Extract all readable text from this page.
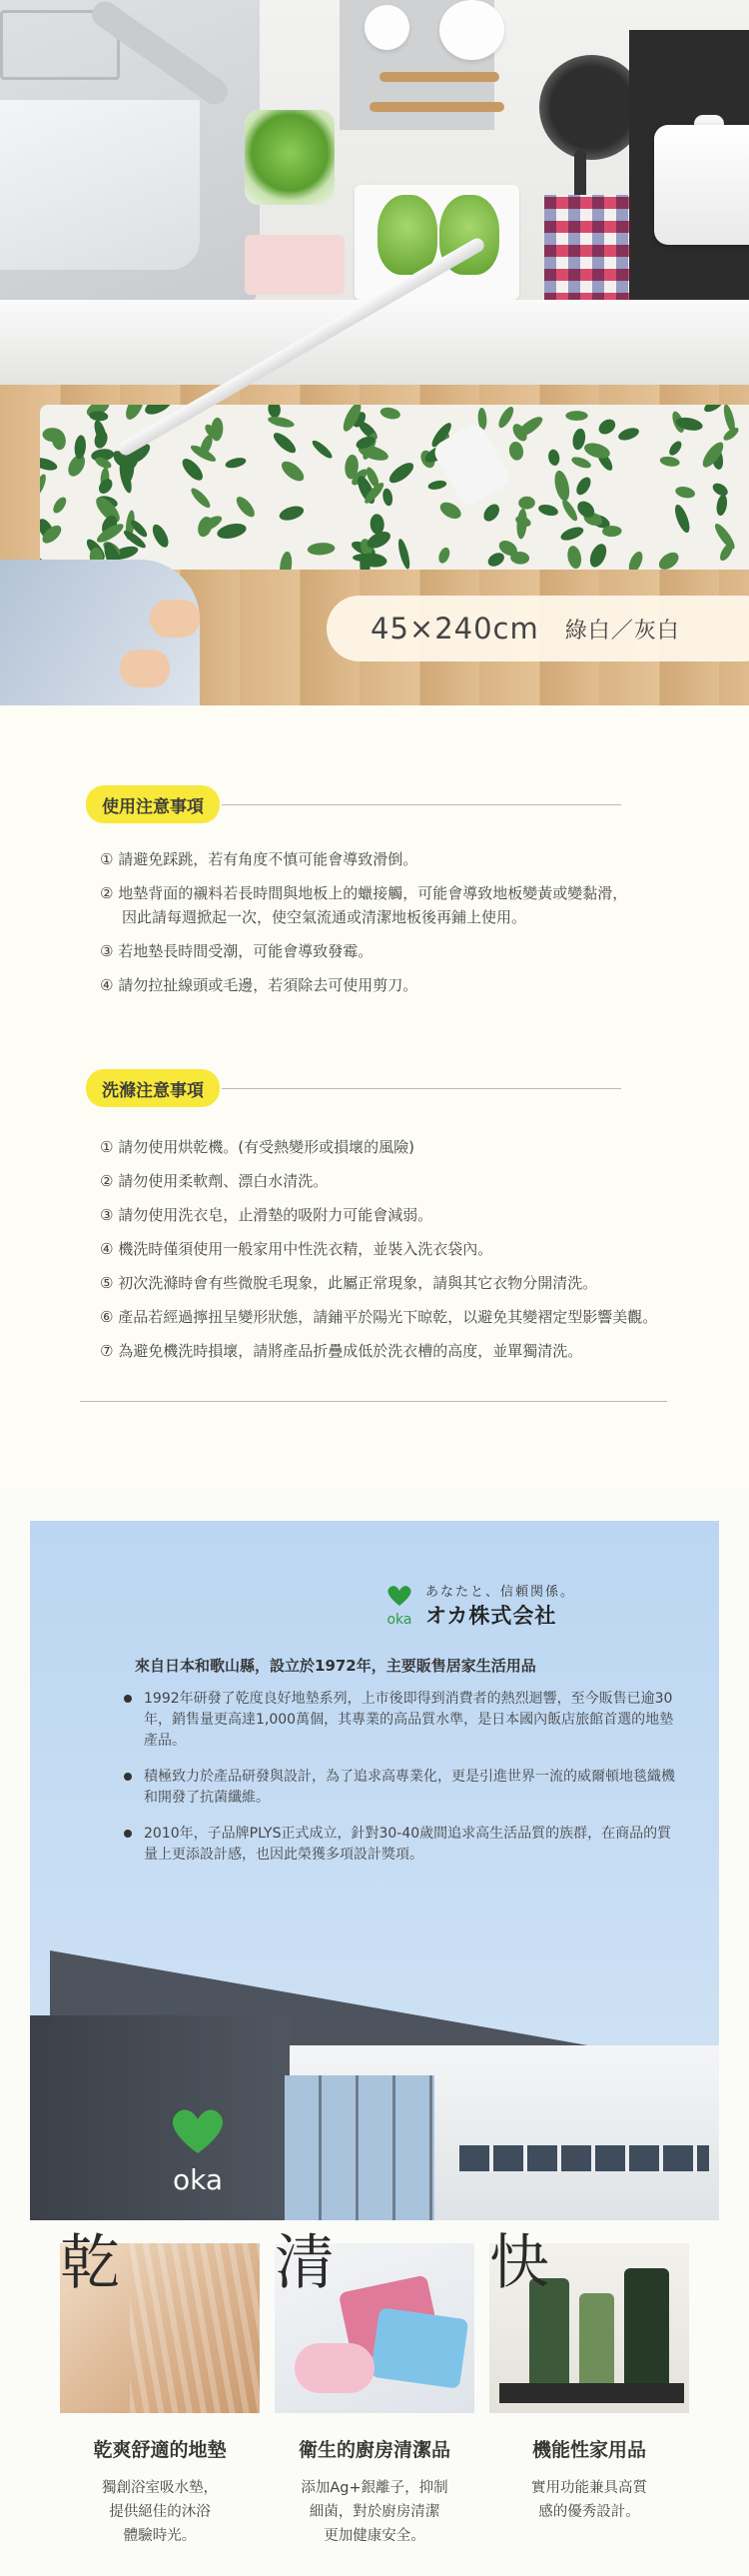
45×240cm 綠白／灰白
使用注意事項
① 請避免踩跳，若有角度不慎可能會導致滑倒。
② 地墊背面的襯料若長時間與地板上的蠟接觸，可能會導致地板變黃或變黏滑，
因此請每週掀起一次，使空氣流通或清潔地板後再鋪上使用。
③ 若地墊長時間受潮，可能會導致發霉。
④ 請勿拉扯線頭或毛邊，若須除去可使用剪刀。
洗滌注意事項
① 請勿使用烘乾機。(有受熱變形或損壞的風險)
② 請勿使用柔軟劑、漂白水清洗。
③ 請勿使用洗衣皂，止滑墊的吸附力可能會減弱。
④ 機洗時僅須使用一般家用中性洗衣精，並裝入洗衣袋內。
⑤ 初次洗滌時會有些微脫毛現象，此屬正常現象，請與其它衣物分開清洗。
⑥ 產品若經過擰扭呈變形狀態，請鋪平於陽光下晾乾，以避免其變褶定型影響美觀。
⑦ 為避免機洗時損壞，請將產品折疊成低於洗衣槽的高度，並單獨清洗。
oka
あなたと、信頼関係。
オカ株式会社
來自日本和歌山縣，設立於1972年，主要販售居家生活用品
1992年研發了乾度良好地墊系列，上市後即得到消費者的熱烈迴響，至今販售已逾30年，銷售量更高達1,000萬個，其專業的高品質水準，是日本國內飯店旅館首選的地墊產品。
積極致力於產品研發與設計，為了追求高專業化，更是引進世界一流的威爾頓地毯織機和開發了抗菌纖維。
2010年，子品牌PLYS正式成立，針對30-40歲間追求高生活品質的族群，在商品的質量上更添設計感，也因此榮獲多項設計獎項。
oka
乾
乾爽舒適的地墊
獨創浴室吸水墊，
提供絕佳的沐浴
體驗時光。
清
衛生的廚房清潔品
添加Ag+銀離子，抑制
細菌，對於廚房清潔
更加健康安全。
快
機能性家用品
實用功能兼具高質
感的優秀設計。
